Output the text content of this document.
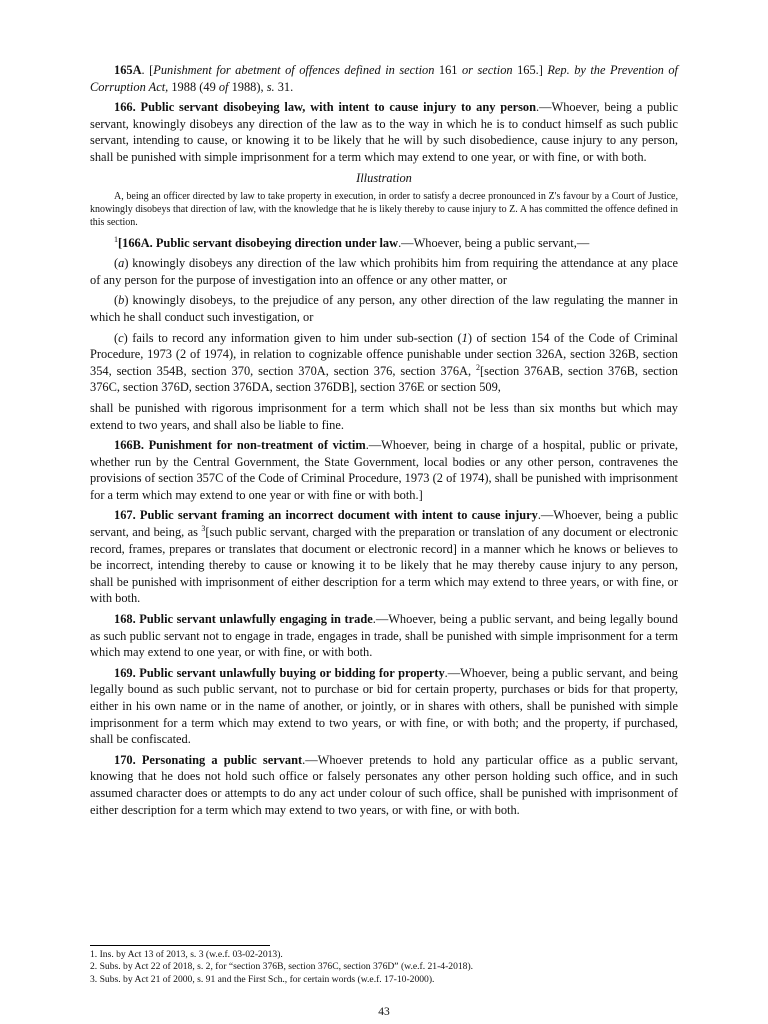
165A. [Punishment for abetment of offences defined in section 161 or section 165.] Rep. by the Prevention of Corruption Act, 1988 (49 of 1988), s. 31.

166. Public servant disobeying law, with intent to cause injury to any person.—Whoever, being a public servant, knowingly disobeys any direction of the law as to the way in which he is to conduct himself as such public servant, intending to cause, or knowing it to be likely that he will by such disobedience, cause injury to any person, shall be punished with simple imprisonment for a term which may extend to one year, or with fine, or with both.

Illustration

A, being an officer directed by law to take property in execution, in order to satisfy a decree pronounced in Z's favour by a Court of Justice, knowingly disobeys that direction of law, with the knowledge that he is likely thereby to cause injury to Z. A has committed the offence defined in this section.

$^1$[166A. Public servant disobeying direction under law.—Whoever, being a public servant,—

(a) knowingly disobeys any direction of the law which prohibits him from requiring the attendance at any place of any person for the purpose of investigation into an offence or any other matter, or

(b) knowingly disobeys, to the prejudice of any person, any other direction of the law regulating the manner in which he shall conduct such investigation, or

(c) fails to record any information given to him under sub-section (1) of section 154 of the Code of Criminal Procedure, 1973 (2 of 1974), in relation to cognizable offence punishable under section 326A, section 326B, section 354, section 354B, section 370, section 370A, section 376, section 376A, $^2$[section 376AB, section 376B, section 376C, section 376D, section 376DA, section 376DB], section 376E or section 509,

shall be punished with rigorous imprisonment for a term which shall not be less than six months but which may extend to two years, and shall also be liable to fine.

166B. Punishment for non-treatment of victim.—Whoever, being in charge of a hospital, public or private, whether run by the Central Government, the State Government, local bodies or any other person, contravenes the provisions of section 357C of the Code of Criminal Procedure, 1973 (2 of 1974), shall be punished with imprisonment for a term which may extend to one year or with fine or with both.]

167. Public servant framing an incorrect document with intent to cause injury.—Whoever, being a public servant, and being, as $^3$[such public servant, charged with the preparation or translation of any document or electronic record, frames, prepares or translates that document or electronic record] in a manner which he knows or believes to be incorrect, intending thereby to cause or knowing it to be likely that he may thereby cause injury to any person, shall be punished with imprisonment of either description for a term which may extend to three years, or with fine, or with both.

168. Public servant unlawfully engaging in trade.—Whoever, being a public servant, and being legally bound as such public servant not to engage in trade, engages in trade, shall be punished with simple imprisonment for a term which may extend to one year, or with fine, or with both.

169. Public servant unlawfully buying or bidding for property.—Whoever, being a public servant, and being legally bound as such public servant, not to purchase or bid for certain property, purchases or bids for that property, either in his own name or in the name of another, or jointly, or in shares with others, shall be punished with simple imprisonment for a term which may extend to two years, or with fine, or with both; and the property, if purchased, shall be confiscated.

170. Personating a public servant.—Whoever pretends to hold any particular office as a public servant, knowing that he does not hold such office or falsely personates any other person holding such office, and in such assumed character does or attempts to do any act under colour of such office, shall be punished with imprisonment of either description for a term which may extend to two years, or with fine, or with both.

1. Ins. by Act 13 of 2013, s. 3 (w.e.f. 03-02-2013).
2. Subs. by Act 22 of 2018, s. 2, for “section 376B, section 376C, section 376D” (w.e.f. 21-4-2018).
3. Subs. by Act 21 of 2000, s. 91 and the First Sch., for certain words (w.e.f. 17-10-2000).
43
